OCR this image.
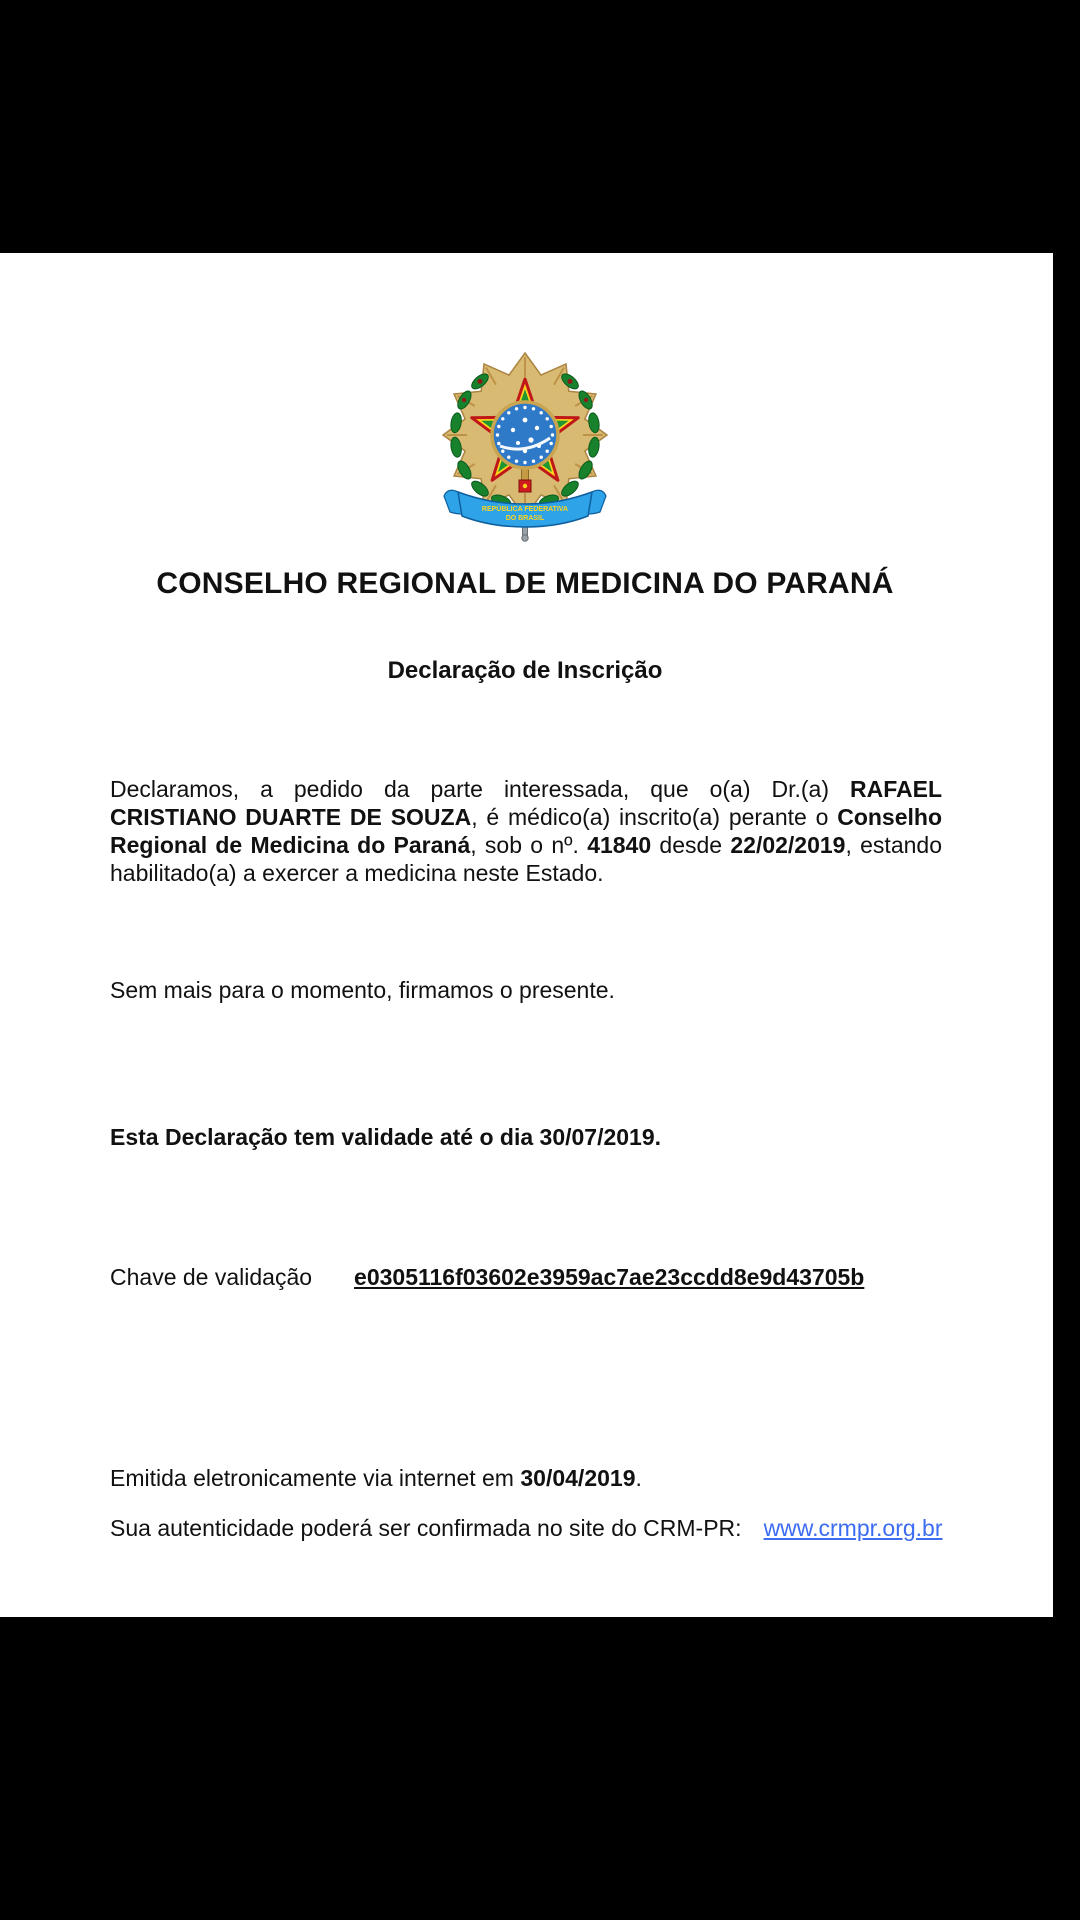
REPÚBLICA FEDERATIVA
DO BRASIL
CONSELHO REGIONAL DE MEDICINA DO PARANÁ
Declaração de Inscrição

Declaramos, a pedido da parte interessada, que o(a) Dr.(a) RAFAEL CRISTIANO DUARTE DE SOUZA, é médico(a) inscrito(a) perante o Conselho Regional de Medicina do Paraná, sob o nº. 41840 desde 22/02/2019, estando habilitado(a) a exercer a medicina neste Estado.

Sem mais para o momento, firmamos o presente.

Esta Declaração tem validade até o dia 30/07/2019.

Chave de validação e0305116f03602e3959ac7ae23ccdd8e9d43705b

Emitida eletronicamente via internet em 30/04/2019.

Sua autenticidade poderá ser confirmada no site do CRM-PR: www.crmpr.org.br
